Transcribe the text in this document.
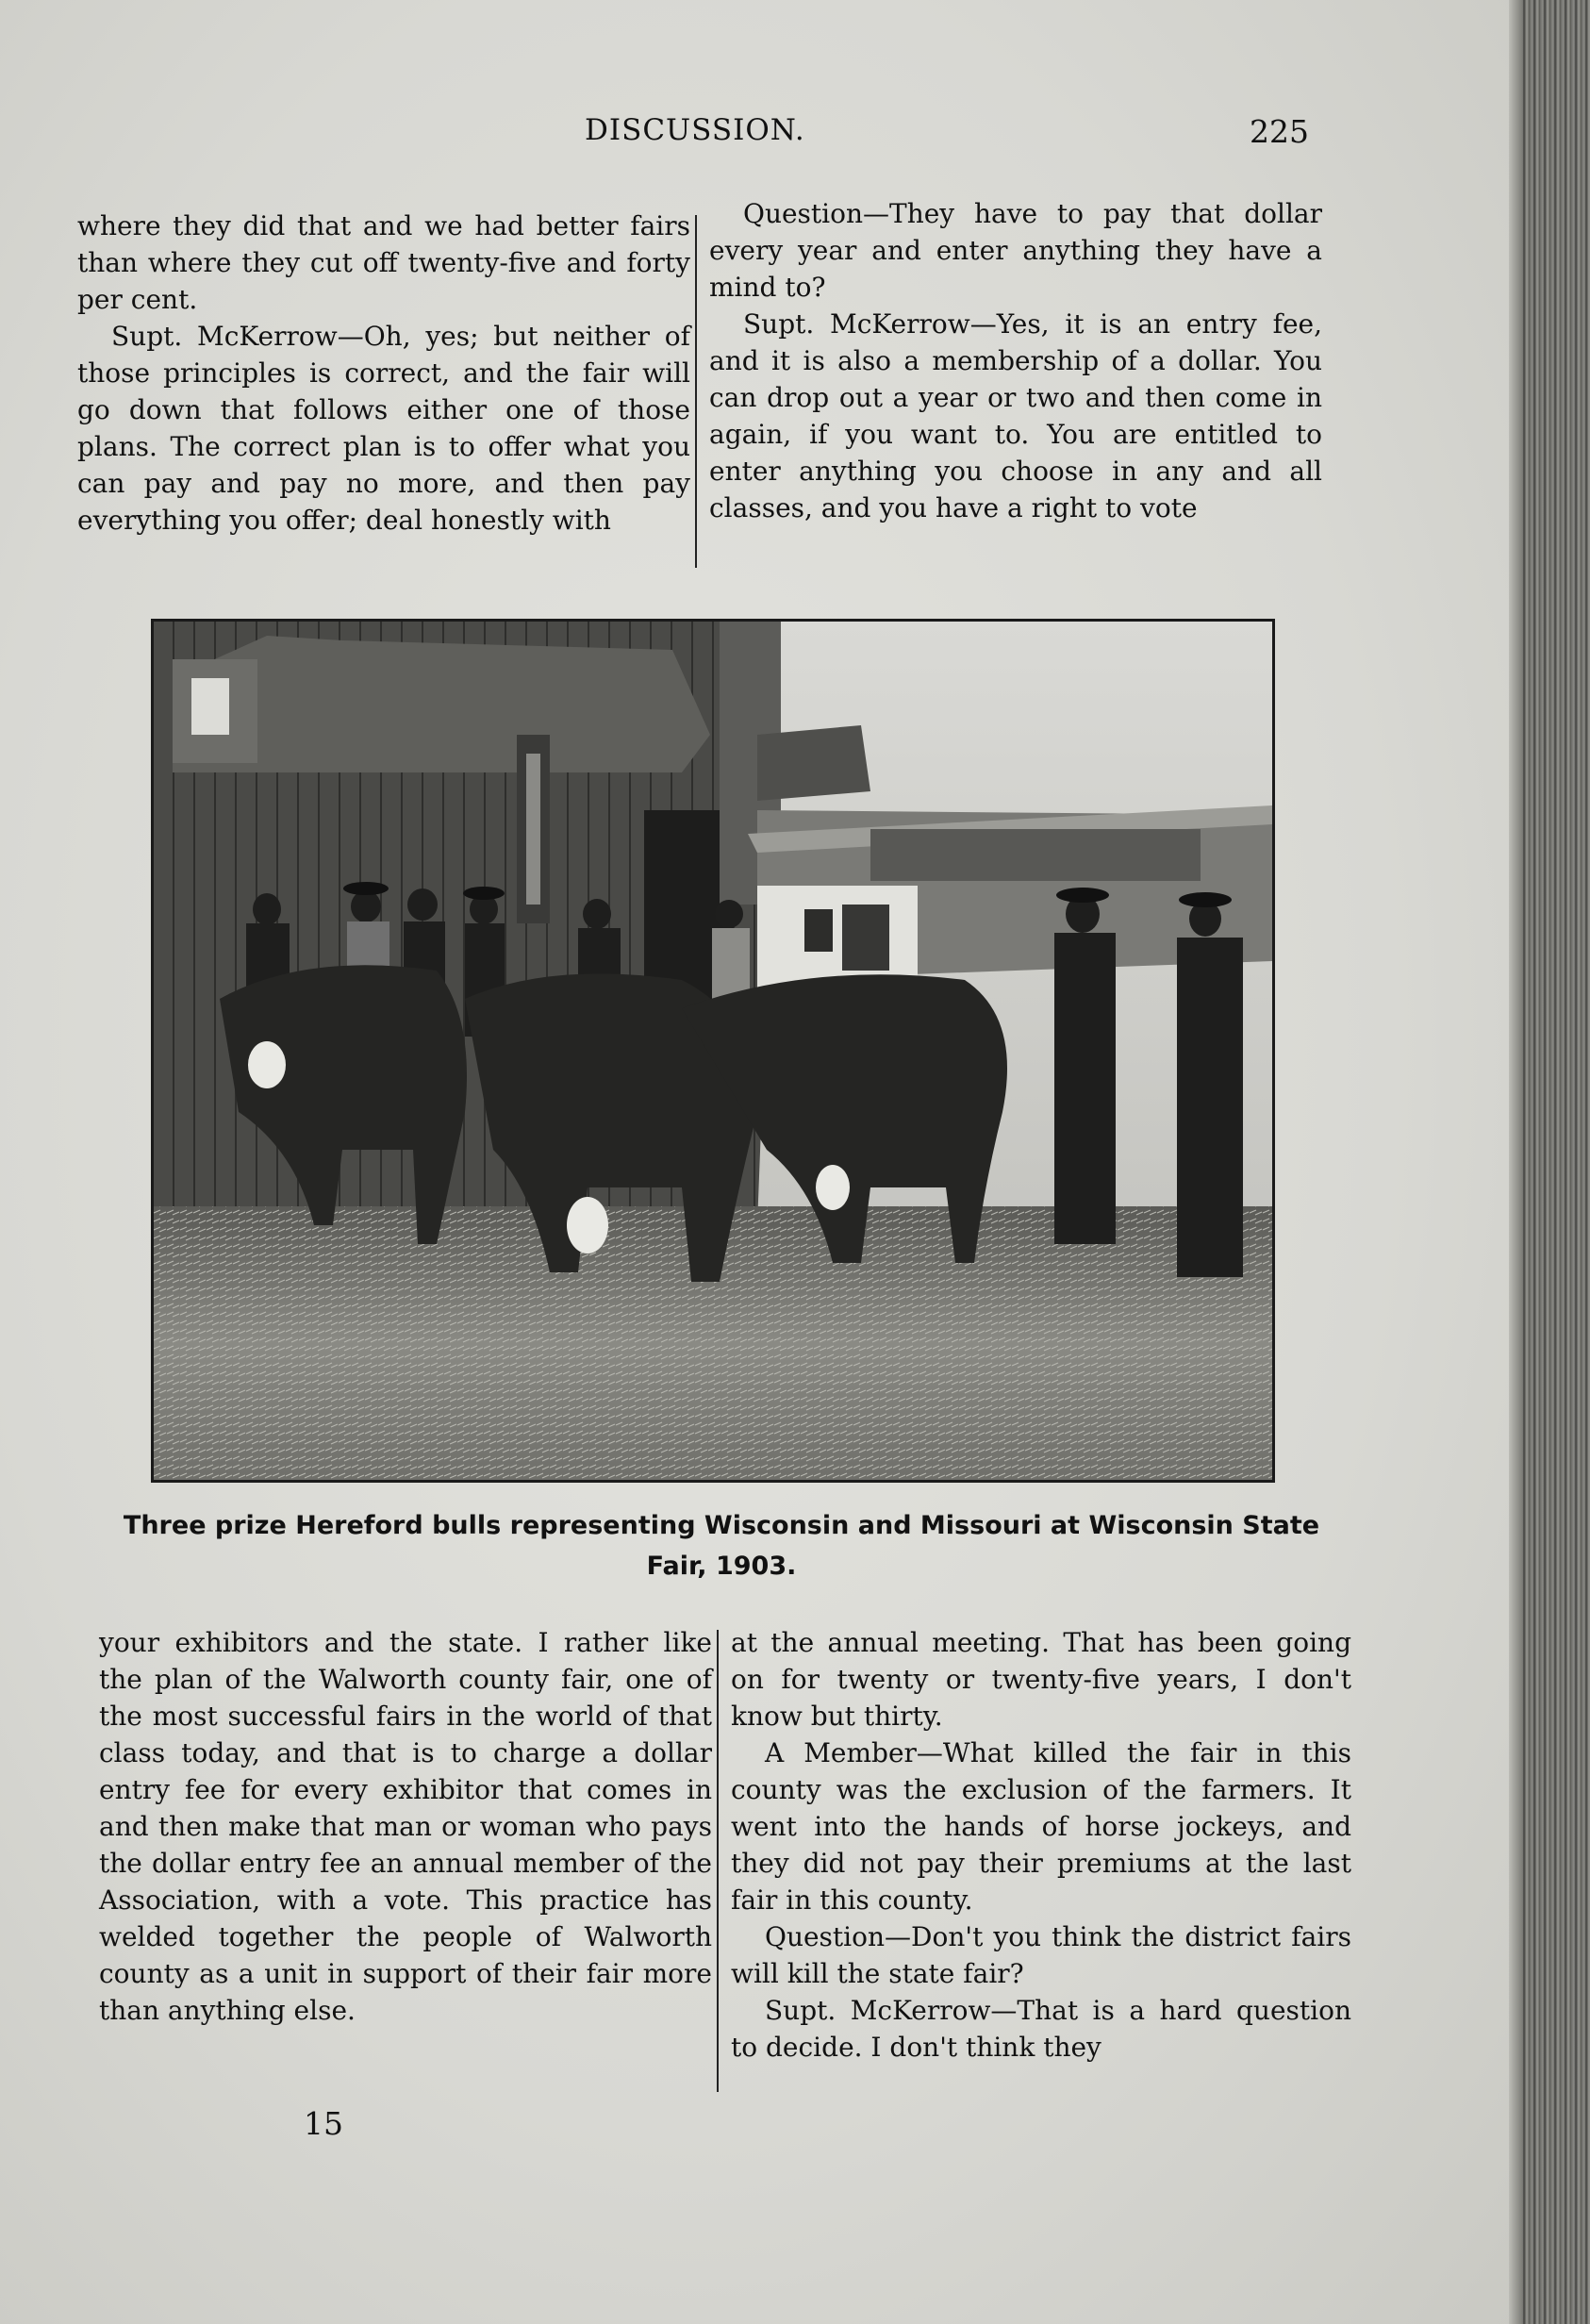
DISCUSSION.	225

where they did that and we had better fairs than where they cut off twenty-five and forty per cent.

Supt. McKerrow—Oh, yes; but neither of those principles is correct, and the fair will go down that follows either one of those plans. The correct plan is to offer what you can pay and pay no more, and then pay everything you offer; deal honestly with

Question—They have to pay that dollar every year and enter anything they have a mind to?

Supt. McKerrow—Yes, it is an entry fee, and it is also a membership of a dollar. You can drop out a year or two and then come in again, if you want to. You are entitled to enter anything you choose in any and all classes, and you have a right to vote

Three prize Hereford bulls representing Wisconsin and Missouri at Wisconsin State Fair, 1903.

your exhibitors and the state. I rather like the plan of the Walworth county fair, one of the most successful fairs in the world of that class today, and that is to charge a dollar entry fee for every exhibitor that comes in and then make that man or woman who pays the dollar entry fee an annual member of the Association, with a vote. This practice has welded together the people of Walworth county as a unit in support of their fair more than anything else.

at the annual meeting. That has been going on for twenty or twenty-five years, I don't know but thirty.

A Member—What killed the fair in this county was the exclusion of the farmers. It went into the hands of horse jockeys, and they did not pay their premiums at the last fair in this county.

Question—Don't you think the district fairs will kill the state fair?

Supt. McKerrow—That is a hard question to decide. I don't think they

15
